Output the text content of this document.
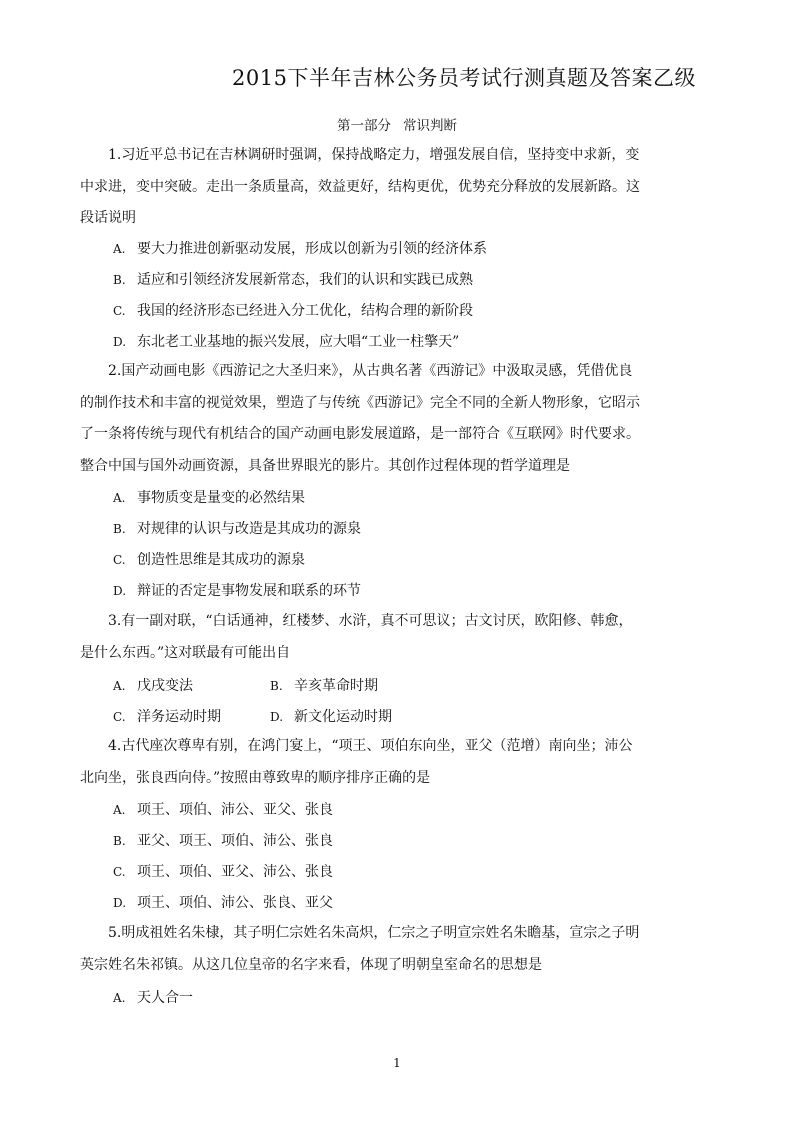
2015下半年吉林公务员考试行测真题及答案乙级
第一部分 常识判断
1.习近平总书记在吉林调研时强调，保持战略定力，增强发展自信，坚持变中求新，变中求进，变中突破。走出一条质量高，效益更好，结构更优，优势充分释放的发展新路。这段话说明
A. 要大力推进创新驱动发展，形成以创新为引领的经济体系
B. 适应和引领经济发展新常态，我们的认识和实践已成熟
C. 我国的经济形态已经进入分工优化，结构合理的新阶段
D. 东北老工业基地的振兴发展，应大唱“工业一柱擎天”
2.国产动画电影《西游记之大圣归来》，从古典名著《西游记》中汲取灵感，凭借优良的制作技术和丰富的视觉效果，塑造了与传统《西游记》完全不同的全新人物形象，它昭示了一条将传统与现代有机结合的国产动画电影发展道路，是一部符合《互联网》时代要求。整合中国与国外动画资源，具备世界眼光的影片。其创作过程体现的哲学道理是
A. 事物质变是量变的必然结果
B. 对规律的认识与改造是其成功的源泉
C. 创造性思维是其成功的源泉
D. 辩证的否定是事物发展和联系的环节
3.有一副对联，“白话通神，红楼梦、水浒，真不可思议；古文讨厌，欧阳修、韩愈，是什么东西。”这对联最有可能出自
A. 戊戌变法	B. 辛亥革命时期
C. 洋务运动时期	D. 新文化运动时期
4.古代座次尊卑有别，在鸿门宴上，“项王、项伯东向坐，亚父（范增）南向坐；沛公北向坐，张良西向侍。”按照由尊致卑的顺序排序正确的是
A. 项王、项伯、沛公、亚父、张良
B. 亚父、项王、项伯、沛公、张良
C. 项王、项伯、亚父、沛公、张良
D. 项王、项伯、沛公、张良、亚父
5.明成祖姓名朱棣，其子明仁宗姓名朱高炽，仁宗之子明宣宗姓名朱瞻基，宣宗之子明英宗姓名朱祁镇。从这几位皇帝的名字来看，体现了明朝皇室命名的思想是
A. 天人合一
1
